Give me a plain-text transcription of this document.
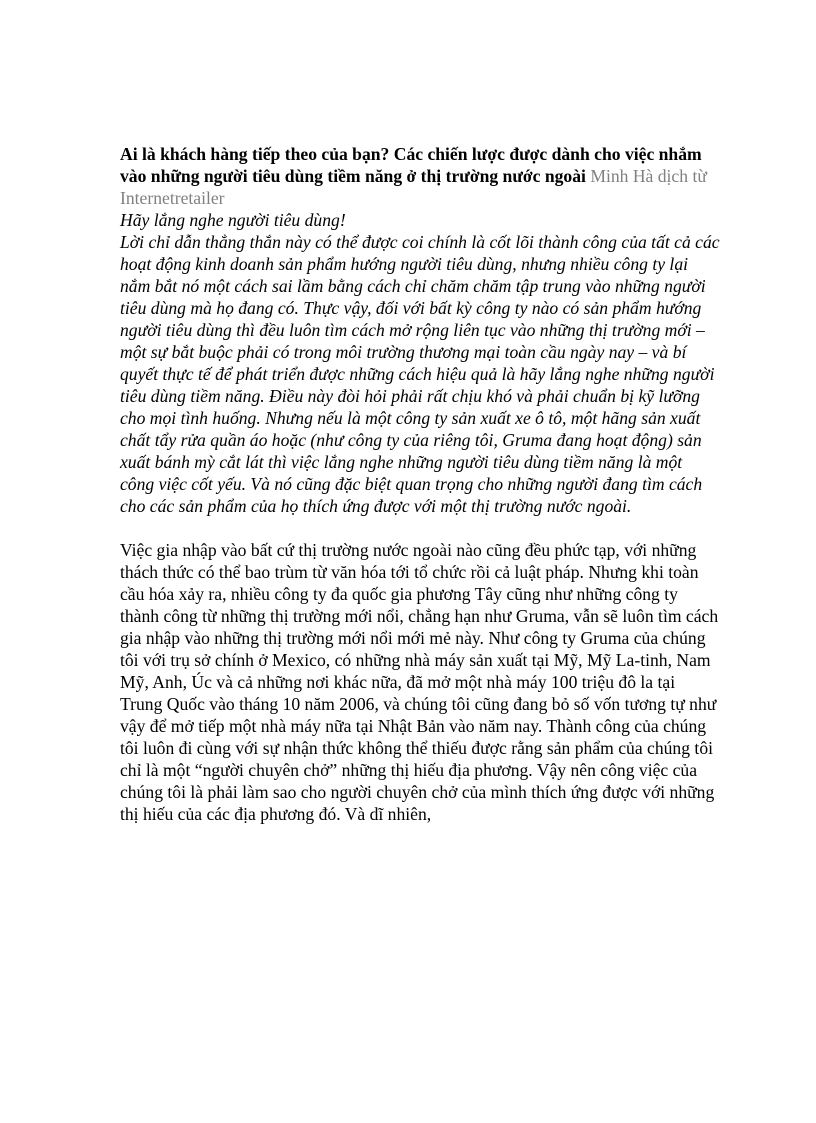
Ai là khách hàng tiếp theo của bạn? Các chiến lược được dành cho việc nhắm vào những người tiêu dùng tiềm năng ở thị trường nước ngoài Minh Hà dịch từ Internetretailer

Hãy lắng nghe người tiêu dùng!

Lời chỉ dẫn thẳng thắn này có thể được coi chính là cốt lõi thành công của tất cả các hoạt động kinh doanh sản phẩm hướng người tiêu dùng, nhưng nhiều công ty lại nắm bắt nó một cách sai lầm bằng cách chỉ chăm chăm tập trung vào những người tiêu dùng mà họ đang có. Thực vậy, đối với bất kỳ công ty nào có sản phẩm hướng người tiêu dùng thì đều luôn tìm cách mở rộng liên tục vào những thị trường mới – một sự bắt buộc phải có trong môi trường thương mại toàn cầu ngày nay – và bí quyết thực tế để phát triển được những cách hiệu quả là hãy lắng nghe những người tiêu dùng tiềm năng. Điều này đòi hỏi phải rất chịu khó và phải chuẩn bị kỹ lưỡng cho mọi tình huống. Nhưng nếu là một công ty sản xuất xe ô tô, một hãng sản xuất chất tẩy rửa quần áo hoặc (như công ty của riêng tôi, Gruma đang hoạt động) sản xuất bánh mỳ cắt lát thì việc lắng nghe những người tiêu dùng tiềm năng là một công việc cốt yếu. Và nó cũng đặc biệt quan trọng cho những người đang tìm cách cho các sản phẩm của họ thích ứng được với một thị trường nước ngoài.

Việc gia nhập vào bất cứ thị trường nước ngoài nào cũng đều phức tạp, với những thách thức có thể bao trùm từ văn hóa tới tổ chức rồi cả luật pháp. Nhưng khi toàn cầu hóa xảy ra, nhiều công ty đa quốc gia phương Tây cũng như những công ty thành công từ những thị trường mới nổi, chẳng hạn như Gruma, vẫn sẽ luôn tìm cách gia nhập vào những thị trường mới nổi mới mẻ này. Như công ty Gruma của chúng tôi với trụ sở chính ở Mexico, có những nhà máy sản xuất tại Mỹ, Mỹ La-tinh, Nam Mỹ, Anh, Úc và cả những nơi khác nữa, đã mở một nhà máy 100 triệu đô la tại Trung Quốc vào tháng 10 năm 2006, và chúng tôi cũng đang bỏ số vốn tương tự như vậy để mở tiếp một nhà máy nữa tại Nhật Bản vào năm nay. Thành công của chúng tôi luôn đi cùng với sự nhận thức không thể thiếu được rằng sản phẩm của chúng tôi chỉ là một “người chuyên chở” những thị hiếu địa phương. Vậy nên công việc của chúng tôi là phải làm sao cho người chuyên chở của mình thích ứng được với những thị hiếu của các địa phương đó. Và dĩ nhiên,
